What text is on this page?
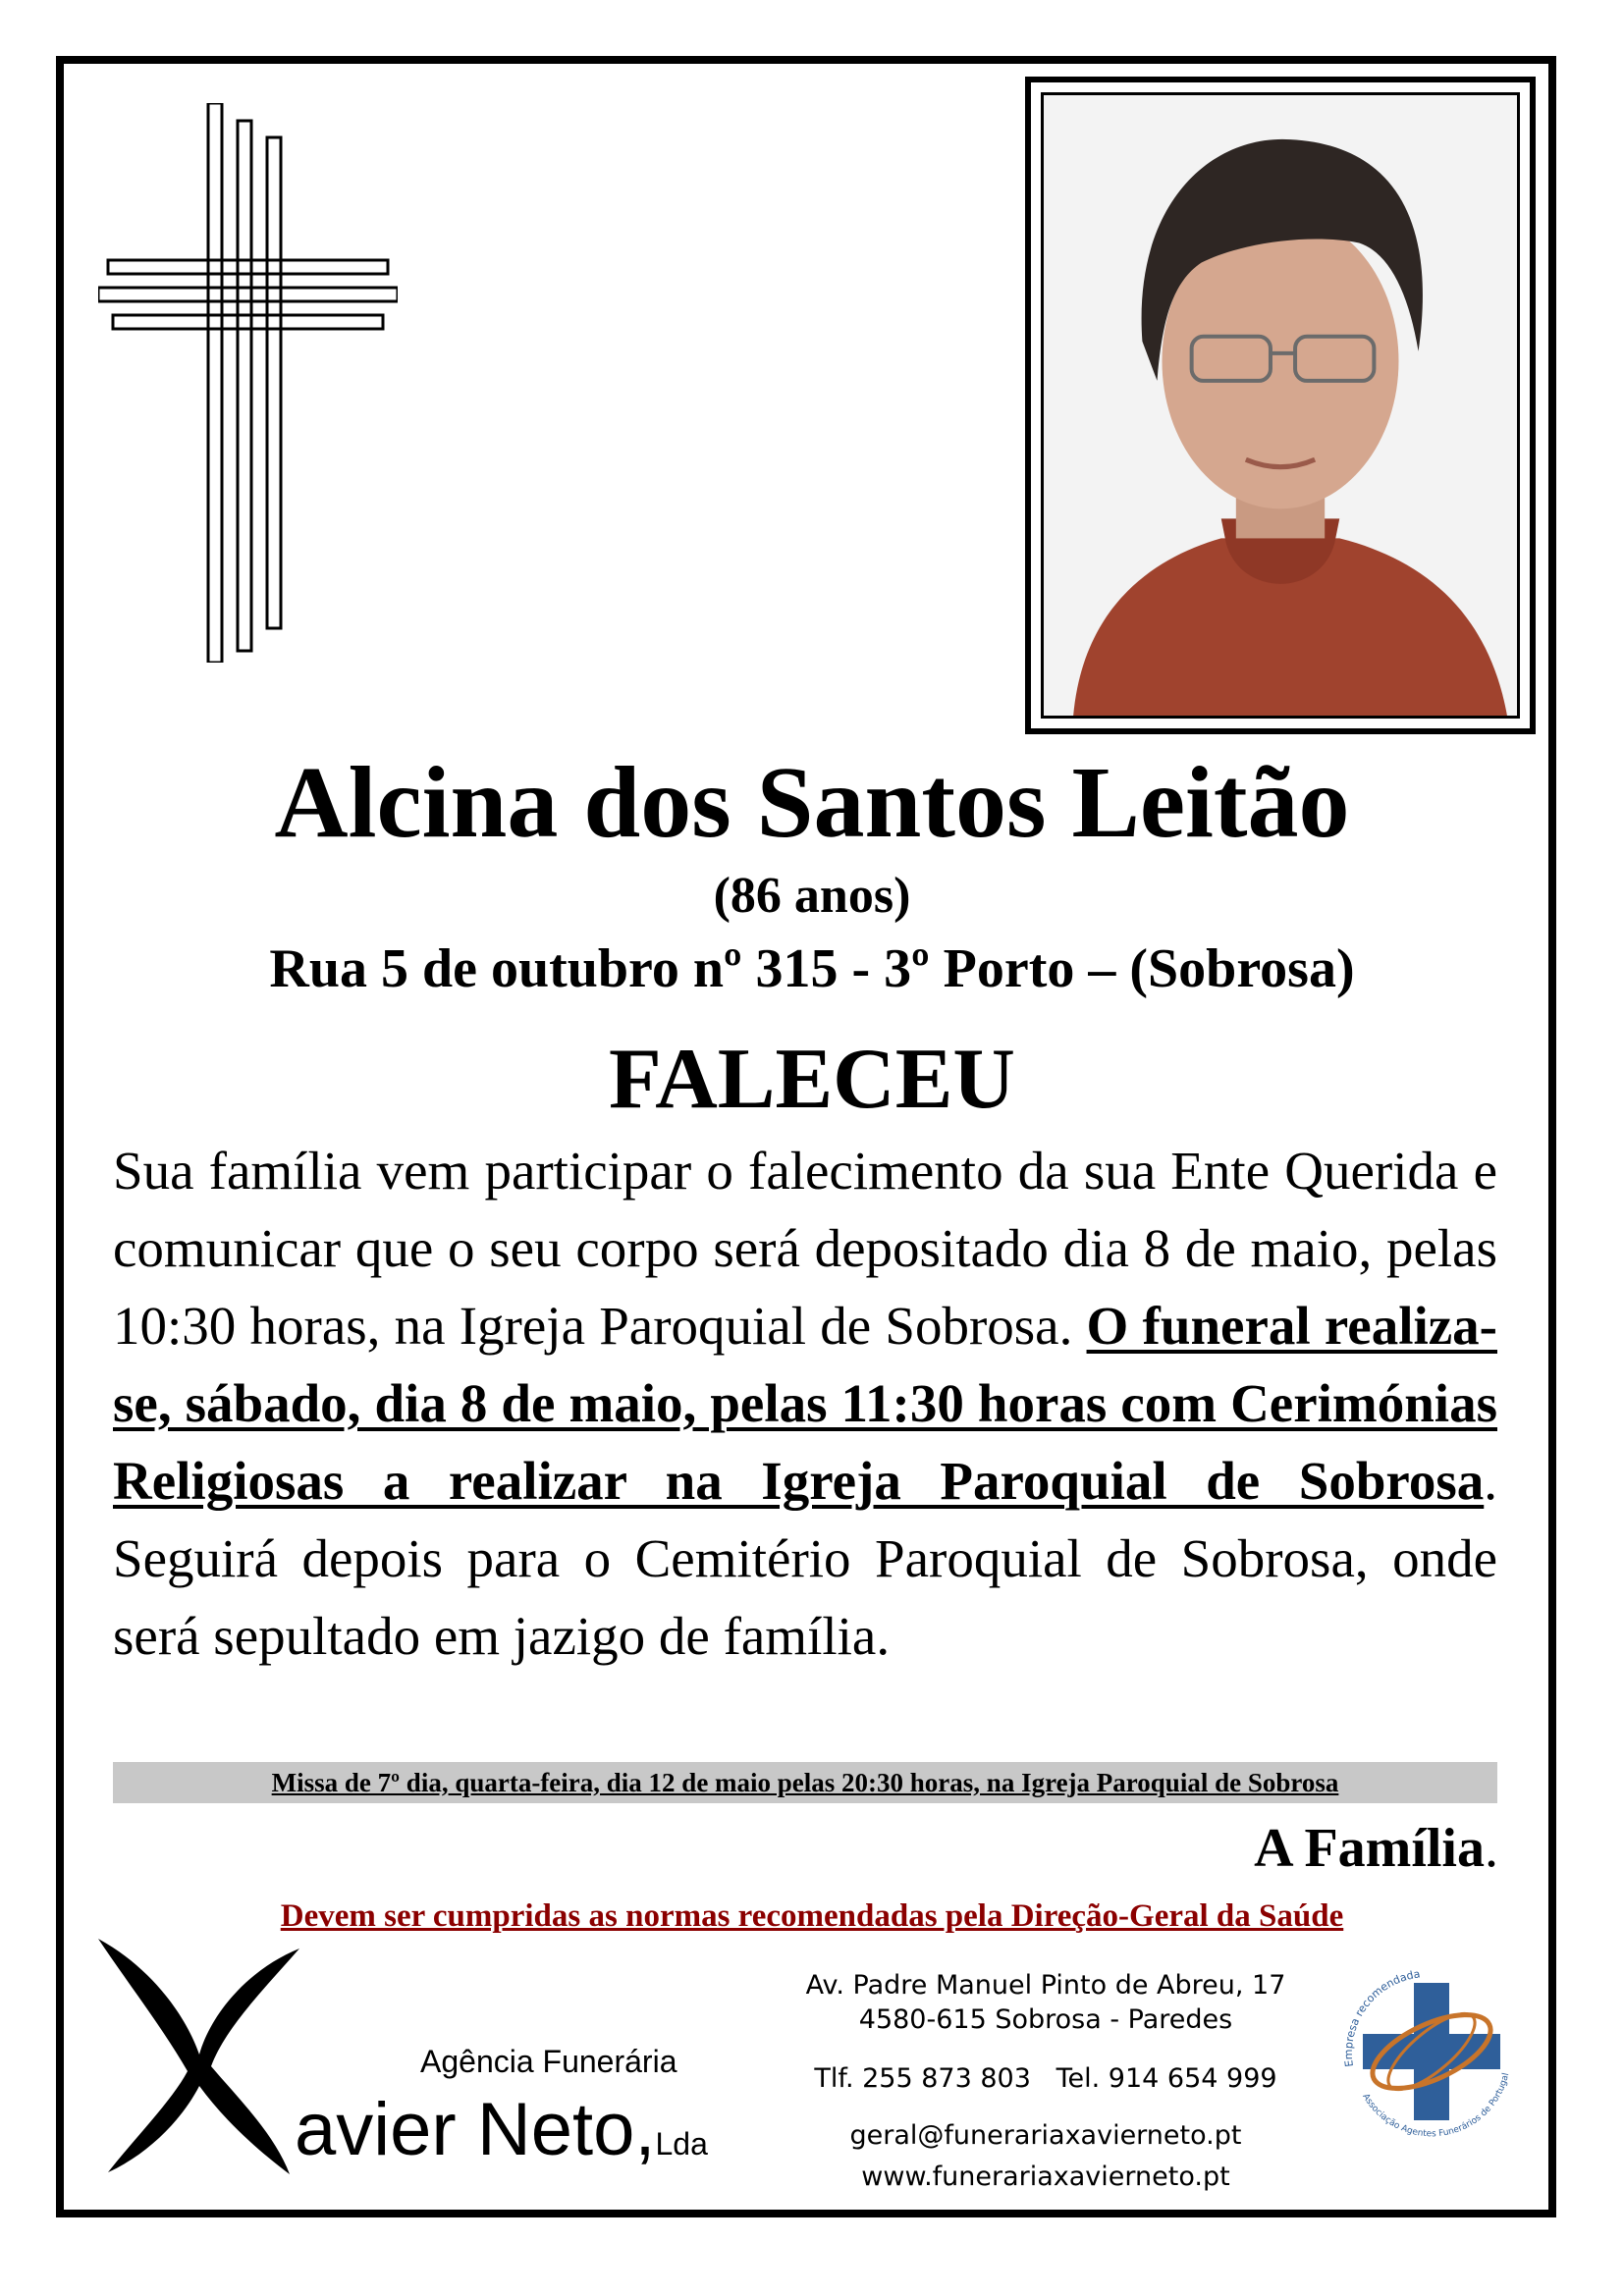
Alcina dos Santos Leitão
(86 anos)
Rua 5 de outubro nº 315 - 3º Porto – (Sobrosa)
FALECEU
Sua família vem participar o falecimento da sua Ente Querida e comunicar que o seu corpo será depositado dia 8 de maio, pelas 10:30 horas, na Igreja Paroquial de Sobrosa. O funeral realiza-se, sábado, dia 8 de maio, pelas 11:30 horas com Cerimónias Religiosas a realizar na Igreja Paroquial de Sobrosa. Seguirá depois para o Cemitério Paroquial de Sobrosa, onde será sepultado em jazigo de família.
Missa de 7º dia, quarta-feira, dia 12 de maio pelas 20:30 horas, na Igreja Paroquial de Sobrosa
A Família.
Devem ser cumpridas as normas recomendadas pela Direção-Geral da Saúde
Agência Funerária
avier Neto,Lda
Av. Padre Manuel Pinto de Abreu, 17
4580-615 Sobrosa - Paredes
Tlf. 255 873 803   Tel. 914 654 999
geral@funerariaxavierneto.pt
www.funerariaxavierneto.pt
Empresa recomendada
Associação Agentes Funerários de Portugal
